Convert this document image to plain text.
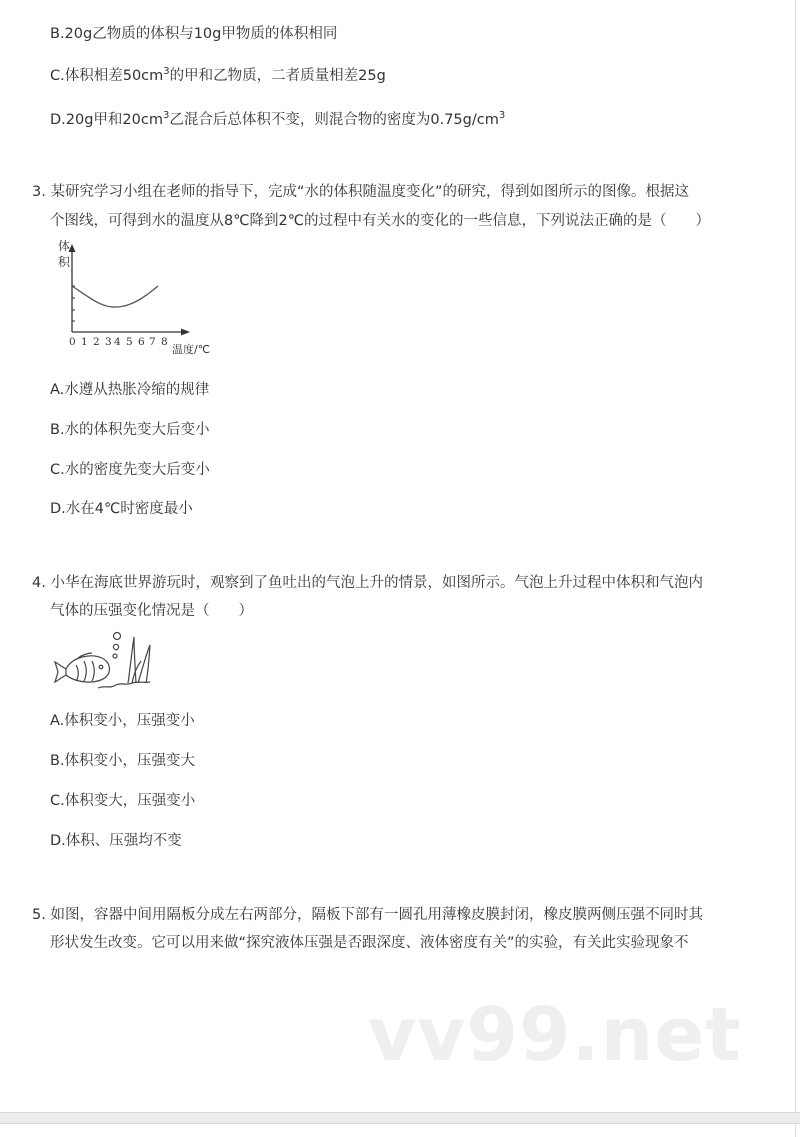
B.20g乙物质的体积与10g甲物质的体积相同
C.体积相差$50cm^3$的甲和乙物质，二者质量相差25g
D.20g甲和$20cm^3$乙混合后总体积不变，则混合物的密度为$0.75g/cm^3$
3. 某研究学习小组在老师的指导下，完成“水的体积随温度变化”的研究，得到如图所示的图像。根据这
个图线，可得到水的温度从8℃降到2℃的过程中有关水的变化的一些信息，下列说法正确的是（　　）
体
积
0 1 2 3 4 5 6 7 8
温度/℃
A.水遵从热胀冷缩的规律
B.水的体积先变大后变小
C.水的密度先变大后变小
D.水在4℃时密度最小
4. 小华在海底世界游玩时，观察到了鱼吐出的气泡上升的情景，如图所示。气泡上升过程中体积和气泡内
气体的压强变化情况是（　　）
A.体积变小，压强变小
B.体积变小，压强变大
C.体积变大，压强变小
D.体积、压强均不变
5. 如图，容器中间用隔板分成左右两部分，隔板下部有一圆孔用薄橡皮膜封闭，橡皮膜两侧压强不同时其
形状发生改变。它可以用来做“探究液体压强是否跟深度、液体密度有关”的实验，有关此实验现象不
vv99.net
